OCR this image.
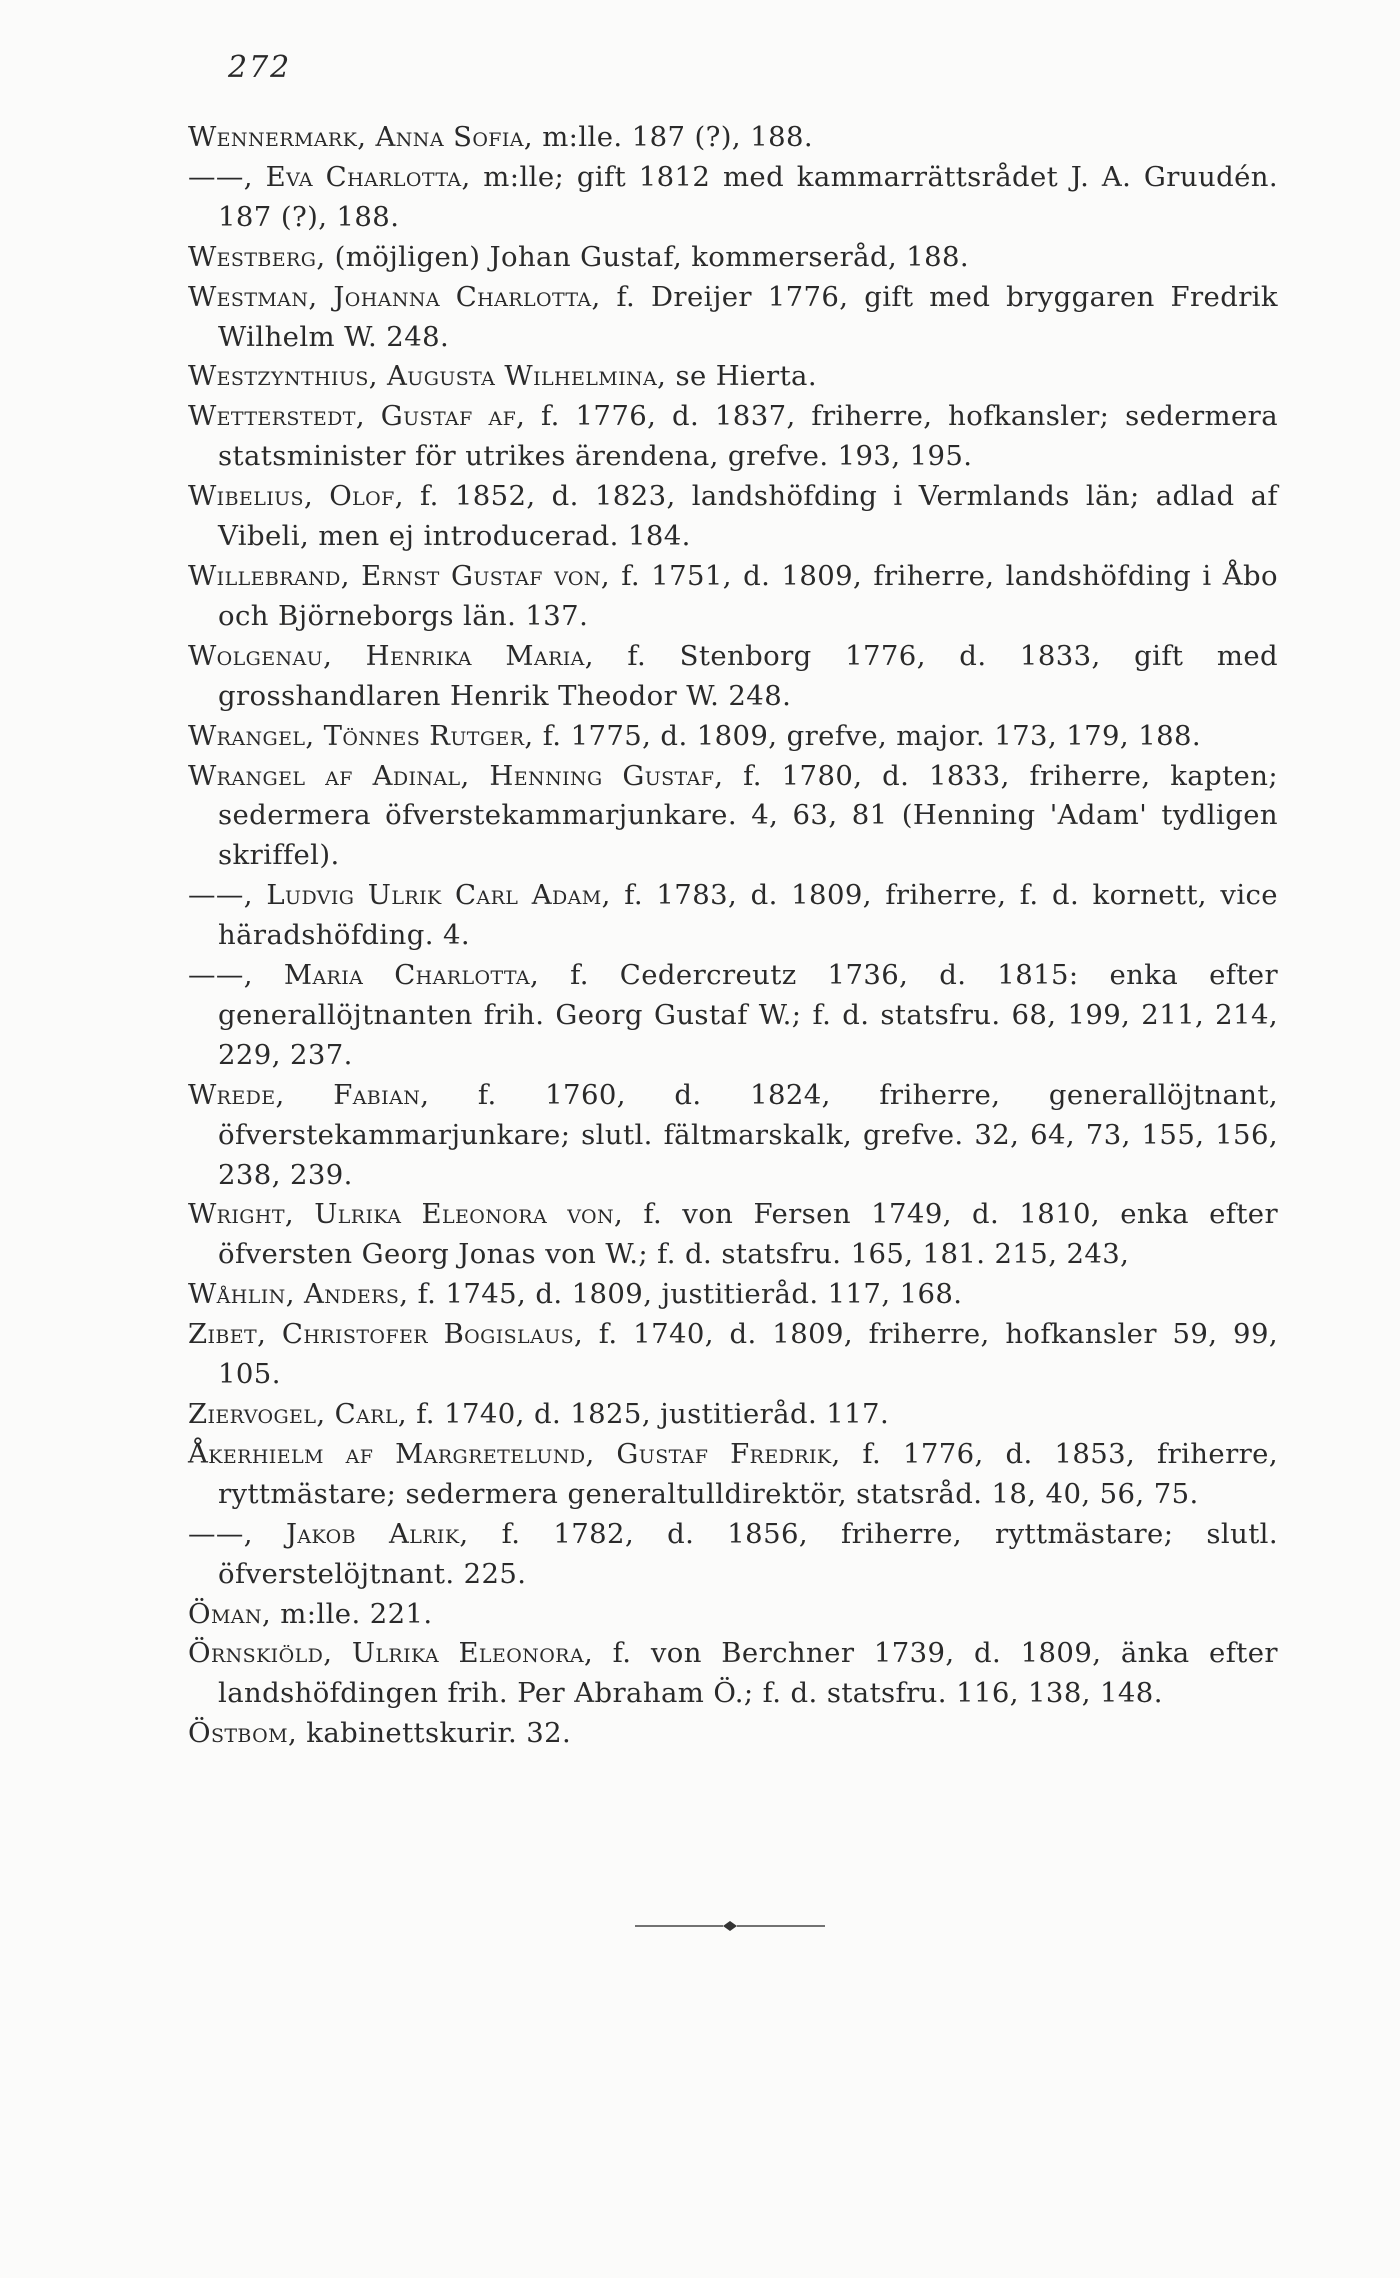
272

Wennermark, Anna Sofia, m:lle. 187 (?), 188.

——, Eva Charlotta, m:lle; gift 1812 med kammarrättsrådet J. A. Gruudén. 187 (?), 188.

Westberg, (möjligen) Johan Gustaf, kommerseråd, 188.

Westman, Johanna Charlotta, f. Dreijer 1776, gift med bryggaren Fredrik Wilhelm W. 248.

Westzynthius, Augusta Wilhelmina, se Hierta.

Wetterstedt, Gustaf af, f. 1776, d. 1837, friherre, hofkansler; sedermera statsminister för utrikes ärendena, grefve. 193, 195.

Wibelius, Olof, f. 1852, d. 1823, landshöfding i Vermlands län; adlad af Vibeli, men ej introducerad. 184.

Willebrand, Ernst Gustaf von, f. 1751, d. 1809, friherre, landshöfding i Åbo och Björneborgs län. 137.

Wolgenau, Henrika Maria, f. Stenborg 1776, d. 1833, gift med grosshandlaren Henrik Theodor W. 248.

Wrangel, Tönnes Rutger, f. 1775, d. 1809, grefve, major. 173, 179, 188.

Wrangel af Adinal, Henning Gustaf, f. 1780, d. 1833, friherre, kapten; sedermera öfverstekammarjunkare. 4, 63, 81 (Henning 'Adam' tydligen skriffel).

——, Ludvig Ulrik Carl Adam, f. 1783, d. 1809, friherre, f. d. kornett, vice häradshöfding. 4.

——, Maria Charlotta, f. Cedercreutz 1736, d. 1815: enka efter generallöjtnanten frih. Georg Gustaf W.; f. d. statsfru. 68, 199, 211, 214, 229, 237.

Wrede, Fabian, f. 1760, d. 1824, friherre, generallöjtnant, öfverstekammarjunkare; slutl. fältmarskalk, grefve. 32, 64, 73, 155, 156, 238, 239.

Wright, Ulrika Eleonora von, f. von Fersen 1749, d. 1810, enka efter öfversten Georg Jonas von W.; f. d. statsfru. 165, 181. 215, 243,

Wåhlin, Anders, f. 1745, d. 1809, justitieråd. 117, 168.

Zibet, Christofer Bogislaus, f. 1740, d. 1809, friherre, hofkansler 59, 99, 105.

Ziervogel, Carl, f. 1740, d. 1825, justitieråd. 117.

Åkerhielm af Margretelund, Gustaf Fredrik, f. 1776, d. 1853, friherre, ryttmästare; sedermera generaltulldirektör, statsråd. 18, 40, 56, 75.

——, Jakob Alrik, f. 1782, d. 1856, friherre, ryttmästare; slutl. öfverstelöjtnant. 225.

Öman, m:lle. 221.

Örnskiöld, Ulrika Eleonora, f. von Berchner 1739, d. 1809, änka efter landshöfdingen frih. Per Abraham Ö.; f. d. statsfru. 116, 138, 148.

Östbom, kabinettskurir. 32.
